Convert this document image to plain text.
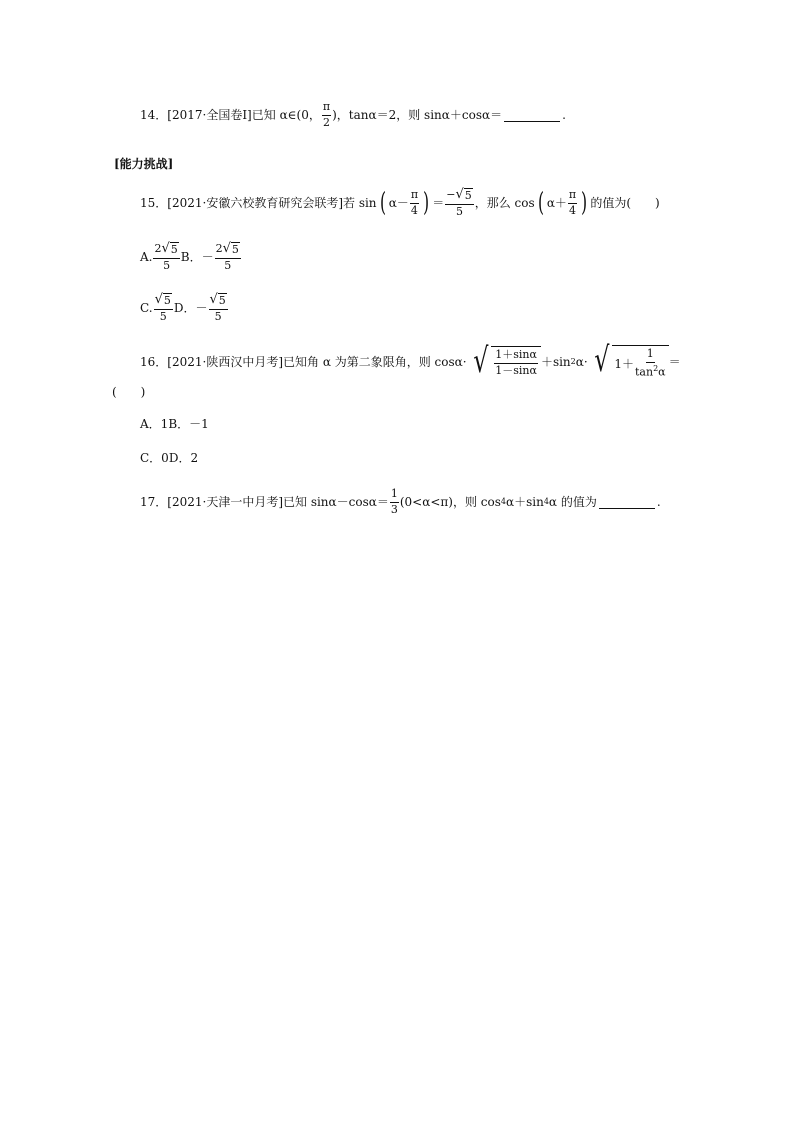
14． [2017·全国卷Ⅰ] 已知 α∈(0， $\frac{\pi}{2}$ )，tanα＝2，则 sinα＋cosα＝	.
[能力挑战]
15． [2021·安徽六校教育研究会联考] 若 sin ( $\alpha- \frac{\pi}{4}$ ) ＝ $\frac{- √ 5}{5}$ ，那么 cos ( $\alpha+ \frac{\pi}{4}$ ) 的值为(　　)
A. $\frac{2 √ 5}{5}$ B．－ $\frac{2 √ 5}{5}$
C. $\frac{√ 5}{5}$ D．－ $\frac{√ 5}{5}$
16． [2021·陕西汉中月考] 已知角 α 为第二象限角，则 cosα· √ $\frac{1+\sin\alpha}{1-\sin\alpha} +\sin$ 2 α· √ $1+ \frac{1}{\tan^2\alpha}$ ＝
(　　)
A．1 B．－1
C．0 D．2
17． [2021·天津一中月考] 已知 $\sin\alpha-\cos\alpha= \frac{1}{3} (0<\alpha<\pi)$，则 cos 4 α＋sin 4 α 的值为	.
